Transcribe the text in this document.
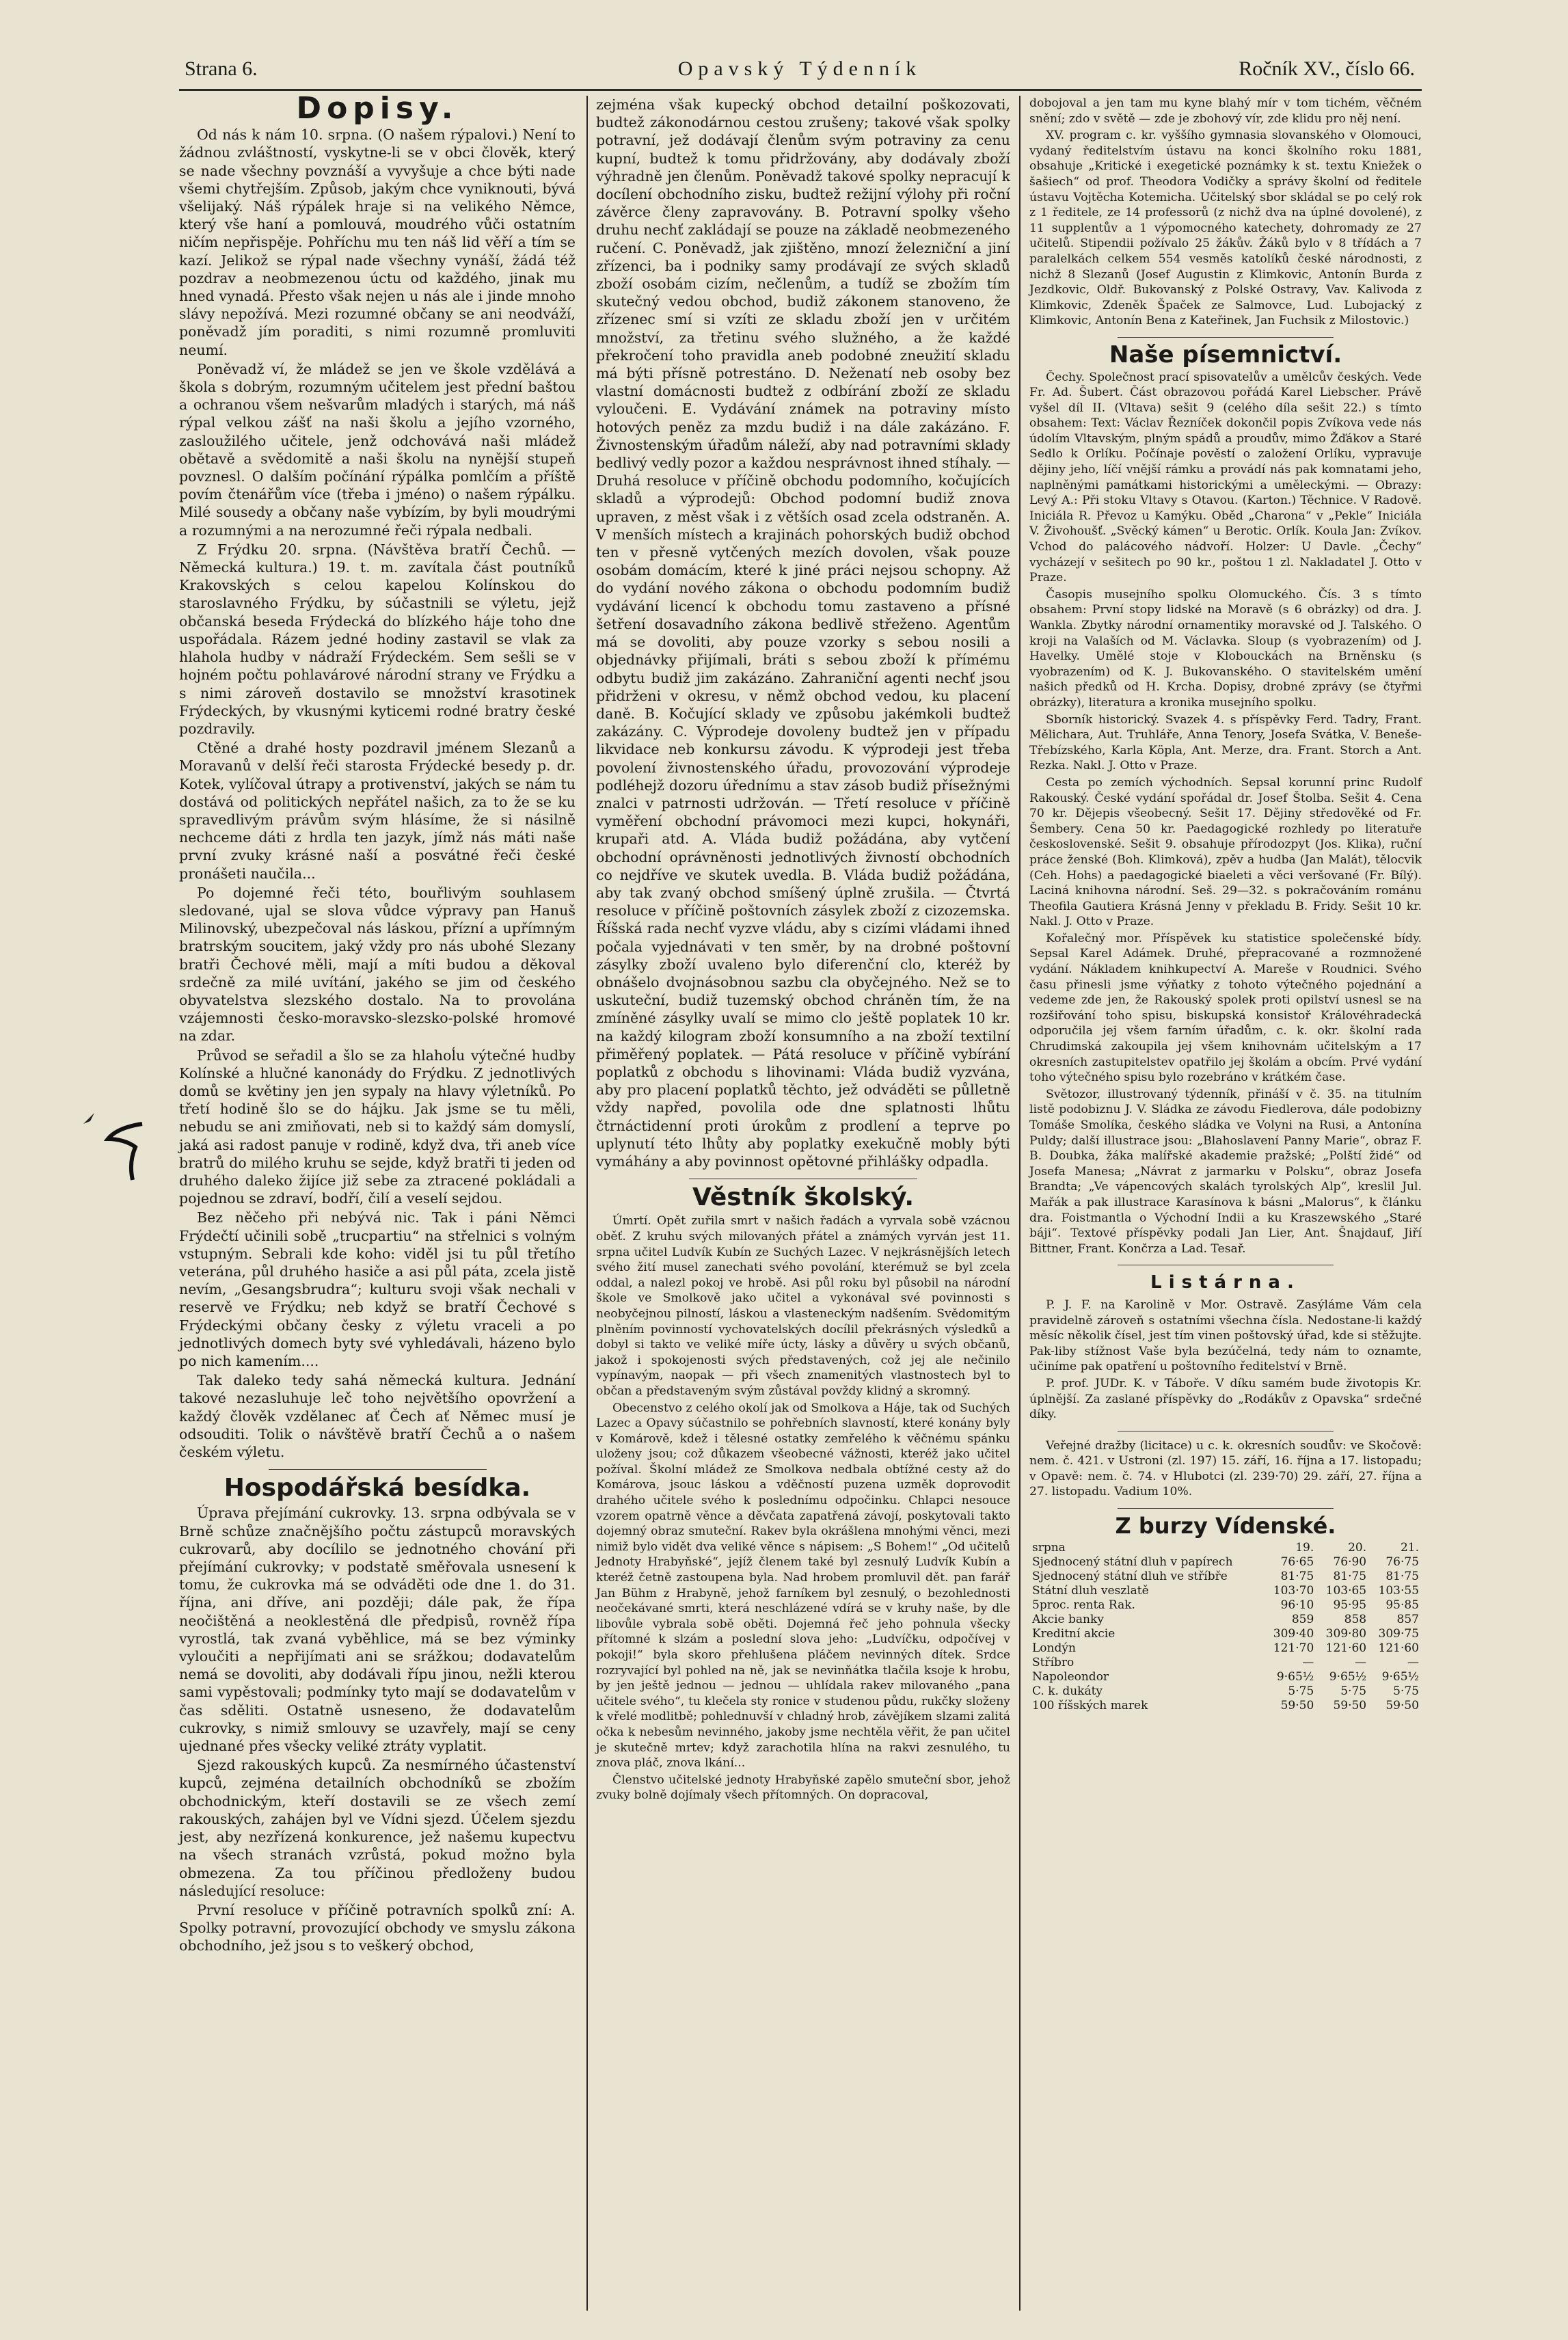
Strana 6.	Opavský Týdenník	Ročník XV., číslo 66.
Dopisy.

Od nás k nám 10. srpna. (O našem rýpalovi.) Není to žádnou zvláštností, vyskytne-li se v obci člověk, který se nade všechny povznáší a vyvyšuje a chce býti nade všemi chytřejším. Způsob, jakým chce vyniknouti, bývá všelijaký. Náš rýpálek hraje si na velikého Němce, který vše haní a pomlouvá, moudrého vůči ostatním ničím nepřispěje. Pohříchu mu ten náš lid věří a tím se kazí. Jelikož se rýpal nade všechny vynáší, žádá též pozdrav a neobmezenou úctu od každého, jinak mu hned vynadá. Přesto však nejen u nás ale i jinde mnoho slávy nepožívá. Mezi rozumné občany se ani neodváží, poněvadž jím poraditi, s nimi rozumně promluviti neumí.

Poněvadž ví, že mládež se jen ve škole vzdělává a škola s dobrým, rozumným učitelem jest přední baštou a ochranou všem nešvarům mladých i starých, má náš rýpal velkou zášť na naši školu a jejího vzorného, zasloužilého učitele, jenž odchovává naši mládež obětavě a svědomitě a naši školu na nynější stupeň povznesl. O dalším počínání rýpálka pomlčím a příště povím čtenářům více (třeba i jméno) o našem rýpálku. Milé sousedy a občany naše vybízím, by byli moudrými a rozumnými a na nerozumné řeči rýpala nedbali.

Z Frýdku 20. srpna. (Návštěva bratří Čechů. — Německá kultura.) 19. t. m. zavítala část poutníků Krakovských s celou kapelou Kolínskou do staroslavného Frýdku, by súčastnili se výletu, jejž občanská beseda Frýdecká do blízkého háje toho dne uspořádala. Rázem jedné hodiny zastavil se vlak za hlahola hudby v nádraží Frýdeckém. Sem sešli se v hojném počtu pohlavárové národní strany ve Frýdku a s nimi zároveň dostavilo se množství krasotinek Frýdeckých, by vkusnými kyticemi rodné bratry české pozdravily.

Ctěné a drahé hosty pozdravil jménem Slezanů a Moravanů v delší řeči starosta Frýdecké besedy p. dr. Kotek, vylíčoval útrapy a protivenství, jakých se nám tu dostává od politických nepřátel našich, za to že se ku spravedlivým právům svým hlásíme, že si násilně nechceme dáti z hrdla ten jazyk, jímž nás máti naše první zvuky krásné naší a posvátné řeči české pronášeti naučila...

Po dojemné řeči této, bouřlivým souhlasem sledované, ujal se slova vůdce výpravy pan Hanuš Milinovský, ubezpečoval nás láskou, přízní a upřímným bratrským soucitem, jaký vždy pro nás ubohé Slezany bratři Čechové měli, mají a míti budou a děkoval srdečně za milé uvítání, jakého se jim od českého obyvatelstva slezského dostalo. Na to provolána vzájemnosti česko-moravsko-slezsko-polské hromové na zdar.

Průvod se seřadil a šlo se za hlahoĺu výtečné hudby Kolínské a hlučné kanonády do Frýdku. Z jednotlivých domů se květiny jen jen sypaly na hlavy výletníků. Po třetí hodině šlo se do hájku. Jak jsme se tu měli, nebudu se ani zmiňovati, neb si to každý sám domyslí, jaká asi radost panuje v rodině, když dva, tři aneb více bratrů do milého kruhu se sejde, když bratři ti jeden od druhého daleko žijíce již sebe za ztracené pokládali a pojednou se zdraví, bodří, čilí a veselí sejdou.

Bez něčeho při nebývá nic. Tak i páni Němci Frýdečtí učinili sobě „trucpartiu“ na střelnici s volným vstupným. Sebrali kde koho: viděl jsi tu půl třetího veterána, půl druhého hasiče a asi půl páta, zcela jistě nevím, „Gesangsbrudra“; kulturu svoji však nechali v reservě ve Frýdku; neb když se bratří Čechové s Frýdeckými občany česky z výletu vraceli a po jednotlivých domech byty své vyhledávali, házeno bylo po nich kamením....

Tak daleko tedy sahá německá kultura. Jednání takové nezasluhuje leč toho největšího opovržení a každý člověk vzdělanec ať Čech ať Němec musí je odsouditi. Tolik o návštěvě bratří Čechů a o našem českém výletu.

Hospodářská besídka.

Úprava přejímání cukrovky. 13. srpna odbývala se v Brně schůze značnějšího počtu zástupců moravských cukrovarů, aby docílilo se jednotného chování při přejímání cukrovky; v podstatě směřovala usnesení k tomu, že cukrovka má se odváděti ode dne 1. do 31. října, ani dříve, ani později; dále pak, že řípa neočištěná a neoklestěná dle předpisů, rovněž řípa vyrostlá, tak zvaná vyběhlice, má se bez výminky vyloučiti a nepřijímati ani se srážkou; dodavatelům nemá se dovoliti, aby dodávali řípu jinou, nežli kterou sami vypěstovali; podmínky tyto mají se dodavatelům v čas sděliti. Ostatně usneseno, že dodavatelům cukrovky, s nimiž smlouvy se uzavřely, mají se ceny ujednané přes všecky veliké ztráty vyplatit.

Sjezd rakouských kupců. Za nesmírného účastenství kupců, zejména detailních obchodníků se zbožím obchodnickým, kteří dostavili se ze všech zemí rakouských, zahájen byl ve Vídni sjezd. Účelem sjezdu jest, aby nezřízená konkurence, jež našemu kupectvu na všech stranách vzrůstá, pokud možno byla obmezena. Za tou příčinou předloženy budou následující resoluce:

První resoluce v příčině potravních spolků zní: A. Spolky potravní, provozující obchody ve smyslu zákona obchodního, jež jsou s to veškerý obchod,

zejména však kupecký obchod detailní poškozovati, budtež zákonodárnou cestou zrušeny; takové však spolky potravní, jež dodávají členům svým potraviny za cenu kupní, budtež k tomu přidržovány, aby dodávaly zboží výhradně jen členům. Poněvadž takové spolky nepracují k docílení obchodního zisku, budtež režijní výlohy při roční závěrce členy zapravovány. B. Potravní spolky všeho druhu nechť zakládají se pouze na základě neobmezeného ručení. C. Poněvadž, jak zjištěno, mnozí železniční a jiní zřízenci, ba i podniky samy prodávají ze svých skladů zboží osobám cizím, nečlenům, a tudíž se zbožím tím skutečný vedou obchod, budiž zákonem stanoveno, že zřízenec smí si vzíti ze skladu zboží jen v určitém množství, za třetinu svého služného, a že každé překročení toho pravidla aneb podobné zneužití skladu má býti přísně potrestáno. D. Neženatí neb osoby bez vlastní domácnosti budtež z odbírání zboží ze skladu vyloučeni. E. Vydávání známek na potraviny místo hotových peněz za mzdu budiž i na dále zakázáno. F. Živnostenským úřadům náleží, aby nad potravními sklady bedlivý vedly pozor a každou nesprávnost ihned stíhaly. — Druhá resoluce v příčině obchodu podomního, kočujících skladů a výprodejů: Obchod podomní budiž znova upraven, z měst však i z větších osad zcela odstraněn. A. V menších místech a krajinách pohorských budiž obchod ten v přesně vytčených mezích dovolen, však pouze osobám domácím, které k jiné práci nejsou schopny. Až do vydání nového zákona o obchodu podomním budiž vydávání licencí k obchodu tomu zastaveno a přísné šetření dosavadního zákona bedlivě střeženo. Agentům má se dovoliti, aby pouze vzorky s sebou nosili a objednávky přijímali, bráti s sebou zboží k přímému odbytu budiž jim zakázáno. Zahraniční agenti nechť jsou přidrženi v okresu, v němž obchod vedou, ku placení daně. B. Kočující sklady ve způsobu jakémkoli budtež zakázány. C. Výprodeje dovoleny budtež jen v případu likvidace neb konkursu závodu. K výprodeji jest třeba povolení živnostenského úřadu, provozování výprodeje podléhejž dozoru úřednímu a stav zásob budiž přísežnými znalci v patrnosti udržován. — Třetí resoluce v příčině vyměření obchodní právomoci mezi kupci, hokynáři, krupaři atd. A. Vláda budiž požádána, aby vytčení obchodní oprávněnosti jednotlivých živností obchodních co nejdříve ve skutek uvedla. B. Vláda budiž požádána, aby tak zvaný obchod smíšený úplně zrušila. — Čtvrtá resoluce v příčině poštovních zásylek zboží z cizozemska. Říšská rada nechť vyzve vládu, aby s cizími vládami ihned počala vyjednávati v ten směr, by na drobné poštovní zásylky zboží uvaleno bylo diferenční clo, kteréž by obnášelo dvojnásobnou sazbu cla obyčejného. Než se to uskuteční, budiž tuzemský obchod chráněn tím, že na zmíněné zásylky uvalí se mimo clo ještě poplatek 10 kr. na každý kilogram zboží konsumního a na zboží textilní přiměřený poplatek. — Pátá resoluce v příčině vybírání poplatků z obchodu s lihovinami: Vláda budiž vyzvána, aby pro placení poplatků těchto, jež odváděti se půlletně vždy napřed, povolila ode dne splatnosti lhůtu čtrnáctidenní proti úrokům z prodlení a teprve po uplynutí této lhůty aby poplatky exekučně mobly býti vymáhány a aby povinnost opětovné přihlášky odpadla.

Věstník školský.

Úmrtí. Opět zuřila smrt v našich řadách a vyrvala sobě vzácnou oběť. Z kruhu svých milovaných přátel a známých vyrván jest 11. srpna učitel Ludvík Kubín ze Suchých Lazec. V nejkrásnějších letech svého žití musel zanechati svého povolání, kterémuž se byl zcela oddal, a nalezl pokoj ve hrobě. Asi půl roku byl působil na národní škole ve Smolkově jako učitel a vykonával své povinnosti s neobyčejnou pilností, láskou a vlasteneckým nadšením. Svědomitým plněním povinností vychovatelských docílil překrásných výsledků a dobyl si takto ve veliké míře úcty, lásky a důvěry u svých občanů, jakož i spokojenosti svých představených, což jej ale nečinilo vypínavým, naopak — při všech znamenitých vlastnostech byl to občan a představeným svým zůstával povždy klidný a skromný.

Obecenstvo z celého okolí jak od Smolkova a Háje, tak od Suchých Lazec a Opavy súčastnilo se pohřebních slavností, které konány byly v Komárově, kdež i tělesné ostatky zemřelého k věčnému spánku uloženy jsou; což důkazem všeobecné vážnosti, kteréž jako učitel požíval. Školní mládež ze Smolkova nedbala obtížné cesty až do Komárova, jsouc láskou a vděčností puzena uzměk doprovodit drahého učitele svého k poslednímu odpočinku. Chlapci nesouce vzorem opatrně věnce a děvčata zapatřená závojí, poskytovali takto dojemný obraz smuteční. Rakev byla okrášlena mnohými věnci, mezi nimiž bylo vidět dva veliké věnce s nápisem: „S Bohem!“ „Od učitelů Jednoty Hrabyňské“, jejíž členem také byl zesnulý Ludvík Kubín a kteréž četně zastoupena byla. Nad hrobem promluvil dět. pan farář Jan Bühm z Hrabyně, jehož farníkem byl zesnulý, o bezohlednosti neočekávané smrti, která neschlázené vdírá se v kruhy naše, by dle libovůle vybrala sobě oběti. Dojemná řeč jeho pohnula všecky přítomné k slzám a poslední slova jeho: „Ludvíčku, odpočívej v pokoji!“ byla skoro přehlušena pláčem nevinných dítek. Srdce rozryvající byl pohled na ně, jak se nevinňátka tlačila ksoje k hrobu, by jen ještě jednou — jednou — uhlídala rakev milovaného „pana učitele svého“, tu klečela sty ronice v studenou půdu, rukčky složeny k vřelé modlitbě; pohlednuvší v chladný hrob, závějíkem slzami zalitá očka k nebesům nevinného, jakoby jsme nechtěla věřit, že pan učitel je skutečně mrtev; když zarachotila hlína na rakvi zesnulého, tu znova pláč, znova lkání...

Členstvo učitelské jednoty Hrabyňské zapělo smuteční sbor, jehož zvuky bolně dojímaly všech přítomných. On dopracoval,

dobojoval a jen tam mu kyne blahý mír v tom tichém, věčném snění; zdo v světě — zde je zbohový vír, zde klidu pro něj není.

XV. program c. kr. vyššího gymnasia slovanského v Olomouci, vydaný ředitelstvím ústavu na konci školního roku 1881, obsahuje „Kritické i exegetické poznámky k st. textu Kniežek o šašiech“ od prof. Theodora Vodičky a správy školní od ředitele ústavu Vojtěcha Kotemicha. Učitelský sbor skládal se po celý rok z 1 ředitele, ze 14 professorů (z nichž dva na úplné dovolené), z 11 supplentův a 1 výpomocného katechety, dohromady ze 27 učitelů. Stipendii požívalo 25 žákův. Žáků bylo v 8 třídách a 7 paralelkách celkem 554 vesměs katolíků české národnosti, z nichž 8 Slezanů (Josef Augustin z Klimkovic, Antonín Burda z Jezdkovic, Oldř. Bukovanský z Polské Ostravy, Vav. Kalivoda z Klimkovic, Zdeněk Špaček ze Salmovce, Lud. Lubojacký z Klimkovic, Antonín Bena z Kateřinek, Jan Fuchsik z Milostovic.)

Naše písemnictví.

Čechy. Společnost prací spisovatelův a umělcův českých. Vede Fr. Ad. Šubert. Část obrazovou pořádá Karel Liebscher. Právě vyšel díl II. (Vltava) sešit 9 (celého díla sešit 22.) s tímto obsahem: Text: Václav Řezníček dokončil popis Zvíkova vede nás údolím Vltavským, plným spádů a proudův, mimo Žďákov a Staré Sedlo k Orlíku. Počínaje pověstí o založení Orlíku, vypravuje dějiny jeho, líčí vnější rámku a provádí nás pak komnatami jeho, naplněnými památkami historickými a uměleckými. — Obrazy: Levý A.: Při stoku Vltavy s Otavou. (Karton.) Těchnice. V Radově. Iniciála R. Převoz u Kamýku. Oběd „Charona“ v „Pekle“ Iniciála V. Živohoušť. „Svěcký kámen“ u Berotic. Orlík. Koula Jan: Zvíkov. Vchod do palácového nádvoří. Holzer: U Davle. „Čechy“ vycházejí v sešitech po 90 kr., poštou 1 zl. Nakladatel J. Otto v Praze.

Časopis musejního spolku Olomuckého. Čís. 3 s tímto obsahem: První stopy lidské na Moravě (s 6 obrázky) od dra. J. Wankla. Zbytky národní ornamentiky moravské od J. Talského. O kroji na Valaších od M. Václavka. Sloup (s vyobrazením) od J. Havelky. Umělé stoje v Klobouckách na Brněnsku (s vyobrazením) od K. J. Bukovanského. O stavitelském umění našich předků od H. Krcha. Dopisy, drobné zprávy (se čtyřmi obrázky), literatura a kronika musejního spolku.

Sborník historický. Svazek 4. s příspěvky Ferd. Tadry, Frant. Mělichara, Aut. Truhláře, Anna Tenory, Josefa Svátka, V. Beneše-Třebízského, Karla Köpla, Ant. Merze, dra. Frant. Storch a Ant. Rezka. Nakl. J. Otto v Praze.

Cesta po zemích východních. Sepsal korunní princ Rudolf Rakouský. České vydání spořádal dr. Josef Štolba. Sešit 4. Cena 70 kr. Dějepis všeobecný. Sešit 17. Dějiny středověké od Fr. Šembery. Cena 50 kr. Paedagogické rozhledy po literatuře československé. Sešit 9. obsahuje přírodozpyt (Jos. Klika), ruční práce ženské (Boh. Klimková), zpěv a hudba (Jan Malát), tělocvik (Ceh. Hohs) a paedagogické biaeleti a věci veršované (Fr. Bílý). Laciná knihovna národní. Seš. 29—32. s pokračováním románu Theofila Gautiera Krásná Jenny v překladu B. Fridy. Sešit 10 kr. Nakl. J. Otto v Praze.

Kořalečný mor. Příspěvek ku statistice společenské bídy. Sepsal Karel Adámek. Druhé, přepracované a rozmnožené vydání. Nákladem knihkupectví A. Mareše v Roudnici. Svého času přinesli jsme výňatky z tohoto výtečného pojednání a vedeme zde jen, že Rakouský spolek proti opilství usnesl se na rozšiřování toho spisu, biskupská konsistoř Královéhradecká odporučila jej všem farním úřadům, c. k. okr. školní rada Chrudimská zakoupila jej všem knihovnám učitelským a 17 okresních zastupitelstev opatřilo jej školám a obcím. Prvé vydání toho výtečného spisu bylo rozebráno v krátkém čase.

Světozor, illustrovaný týdenník, přináší v č. 35. na titulním listě podobiznu J. V. Sládka ze závodu Fiedlerova, dále podobizny Tomáše Smolíka, českého sládka ve Volyni na Rusi, a Antonína Puldy; další illustrace jsou: „Blahoslavení Panny Marie“, obraz F. B. Doubka, žáka malířské akademie pražské; „Polští židé“ od Josefa Manesa; „Návrat z jarmarku v Polsku“, obraz Josefa Brandta; „Ve vápencových skalách tyrolských Alp“, kreslil Jul. Mařák a pak illustrace Karasínova k básni „Malorus“, k článku dra. Foistmantla o Východní Indii a ku Kraszewského „Staré báji“. Textové příspěvky podali Jan Lier, Ant. Šnajdauf, Jiří Bittner, Frant. Končrza a Lad. Tesař.

Listárna.

P. J. F. na Karolině v Mor. Ostravě. Zasýláme Vám cela pravidelně zároveň s ostatními všechna čísla. Nedostane-li každý měsíc několik čísel, jest tím vinen poštovský úřad, kde si stěžujte. Pak-liby stížnost Vaše byla bezúčelná, tedy nám to oznamte, učiníme pak opatření u poštovního ředitelství v Brně.

P. prof. JUDr. K. v Táboře. V díku samém bude životopis Kr. úplnější. Za zaslané příspěvky do „Rodákův z Opavska“ srdečné díky.

Veřejné dražby (licitace) u c. k. okresních soudův: ve Skočově: nem. č. 421. v Ustroni (zl. 197) 15. září, 16. října a 17. listopadu; v Opavě: nem. č. 74. v Hlubotci (zl. 239·70) 29. září, 27. října a 27. listopadu. Vadium 10%.

Z burzy Vídenské.
srpna	19.	20.	21.
Sjednocený státní dluh v papírech	76·65	76·90	76·75
Sjednocený státní dluh ve stříbře	81·75	81·75	81·75
Státní dluh veszlatě	103·70	103·65	103·55
5proc. renta Rak.	96·10	95·95	95·85
Akcie banky	859	858	857
Kreditní akcie	309·40	309·80	309·75
Londýn	121·70	121·60	121·60
Stříbro	—	—	—
Napoleondor	9·65½	9·65½	9·65½
C. k. dukáty	5·75	5·75	5·75
100 říšských marek	59·50	59·50	59·50
